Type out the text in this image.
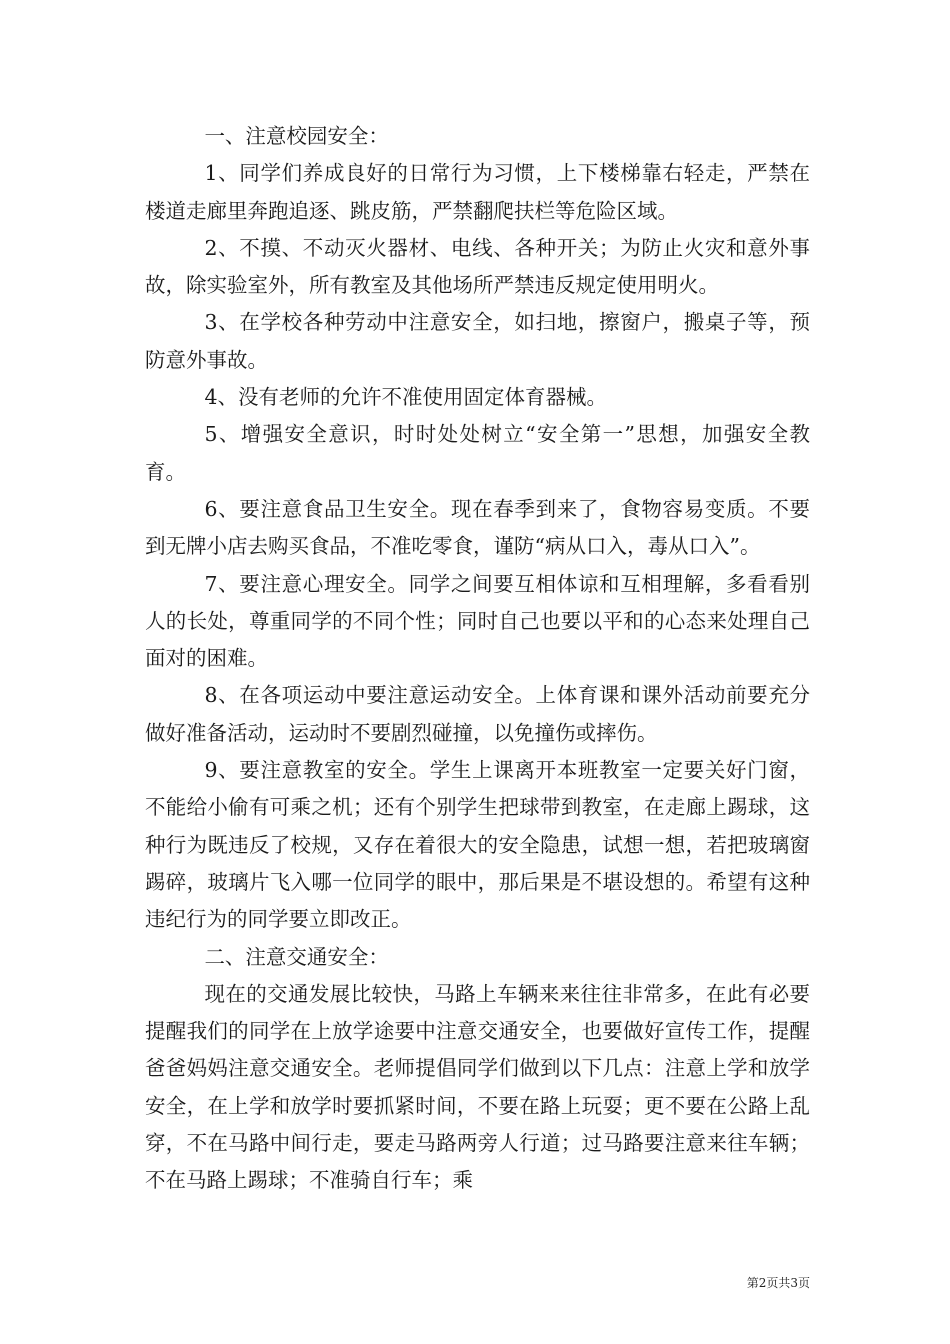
一、注意校园安全：

1、同学们养成良好的日常行为习惯，上下楼梯靠右轻走，严禁在楼道走廊里奔跑追逐、跳皮筋，严禁翻爬扶栏等危险区域。

2、不摸、不动灭火器材、电线、各种开关；为防止火灾和意外事故，除实验室外，所有教室及其他场所严禁违反规定使用明火。

3、在学校各种劳动中注意安全，如扫地，擦窗户，搬桌子等，预防意外事故。

4、没有老师的允许不准使用固定体育器械。

5、增强安全意识，时时处处树立“安全第一”思想，加强安全教育。

6、要注意食品卫生安全。现在春季到来了，食物容易变质。不要到无牌小店去购买食品，不准吃零食，谨防“病从口入，毒从口入”。

7、要注意心理安全。同学之间要互相体谅和互相理解，多看看别人的长处，尊重同学的不同个性；同时自己也要以平和的心态来处理自己面对的困难。

8、在各项运动中要注意运动安全。上体育课和课外活动前要充分做好准备活动，运动时不要剧烈碰撞，以免撞伤或摔伤。

9、要注意教室的安全。学生上课离开本班教室一定要关好门窗，不能给小偷有可乘之机；还有个别学生把球带到教室，在走廊上踢球，这种行为既违反了校规，又存在着很大的安全隐患，试想一想，若把玻璃窗踢碎，玻璃片飞入哪一位同学的眼中，那后果是不堪设想的。希望有这种违纪行为的同学要立即改正。

二、注意交通安全：

现在的交通发展比较快，马路上车辆来来往往非常多，在此有必要提醒我们的同学在上放学途要中注意交通安全，也要做好宣传工作，提醒爸爸妈妈注意交通安全。老师提倡同学们做到以下几点：注意上学和放学安全，在上学和放学时要抓紧时间，不要在路上玩耍；更不要在公路上乱穿，不在马路中间行走，要走马路两旁人行道；过马路要注意来往车辆；不在马路上踢球；不准骑自行车；乘

第2页共3页
